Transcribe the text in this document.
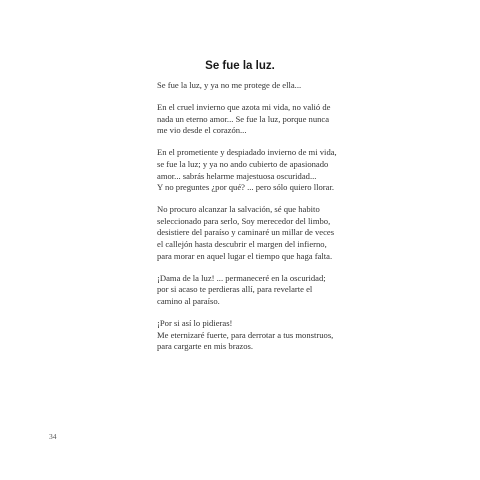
Se fue la luz.

Se fue la luz, y ya no me protege de ella...

En el cruel invierno que azota mi vida, no valió de
nada un eterno amor... Se fue la luz, porque nunca
me vio desde el corazón...

En el prometiente y despiadado invierno de mi vida,
se fue la luz; y ya no ando cubierto de apasionado
amor... sabrás helarme majestuosa oscuridad...
Y no preguntes ¿por qué? ... pero sólo quiero llorar.

No procuro alcanzar la salvación, sé que habito
seleccionado para serlo, Soy merecedor del limbo,
desistiere del paraíso y caminaré un millar de veces
el callejón hasta descubrir el margen del infierno,
para morar en aquel lugar el tiempo que haga falta.

¡Dama de la luz! ... permaneceré en la oscuridad;
por si acaso te perdieras allí, para revelarte el
camino al paraíso.

¡Por si así lo pidieras!
Me eternizaré fuerte, para derrotar a tus monstruos,
para cargarte en mis brazos.

34
